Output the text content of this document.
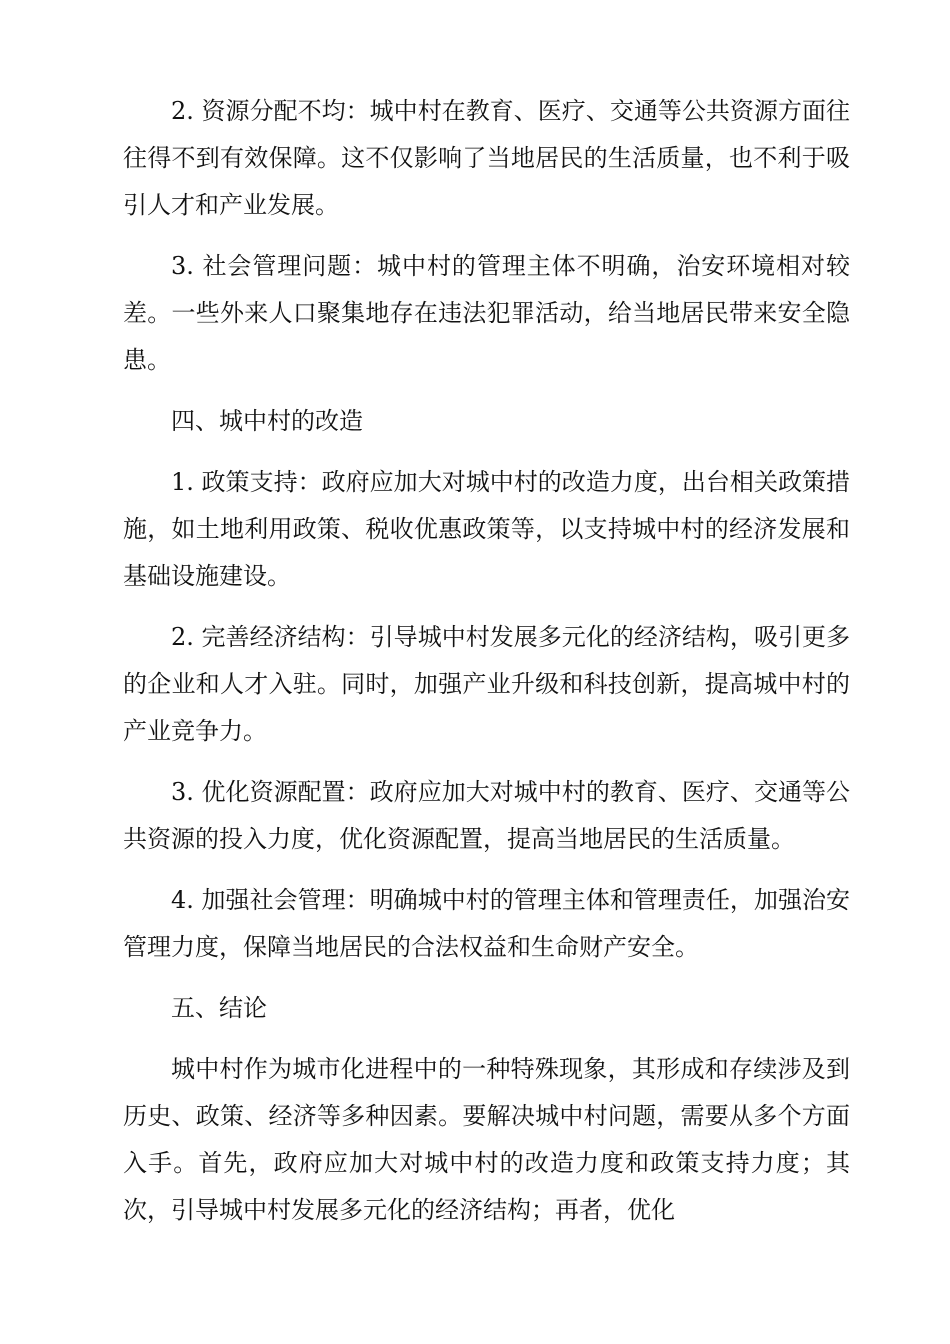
2. 资源分配不均：城中村在教育、医疗、交通等公共资源方面往往得不到有效保障。这不仅影响了当地居民的生活质量，也不利于吸引人才和产业发展。

3. 社会管理问题：城中村的管理主体不明确，治安环境相对较差。一些外来人口聚集地存在违法犯罪活动，给当地居民带来安全隐患。

四、城中村的改造

1. 政策支持：政府应加大对城中村的改造力度，出台相关政策措施，如土地利用政策、税收优惠政策等，以支持城中村的经济发展和基础设施建设。

2. 完善经济结构：引导城中村发展多元化的经济结构，吸引更多的企业和人才入驻。同时，加强产业升级和科技创新，提高城中村的产业竞争力。

3. 优化资源配置：政府应加大对城中村的教育、医疗、交通等公共资源的投入力度，优化资源配置，提高当地居民的生活质量。

4. 加强社会管理：明确城中村的管理主体和管理责任，加强治安管理力度，保障当地居民的合法权益和生命财产安全。

五、结论

城中村作为城市化进程中的一种特殊现象，其形成和存续涉及到历史、政策、经济等多种因素。要解决城中村问题，需要从多个方面入手。首先，政府应加大对城中村的改造力度和政策支持力度；其次，引导城中村发展多元化的经济结构；再者，优化
